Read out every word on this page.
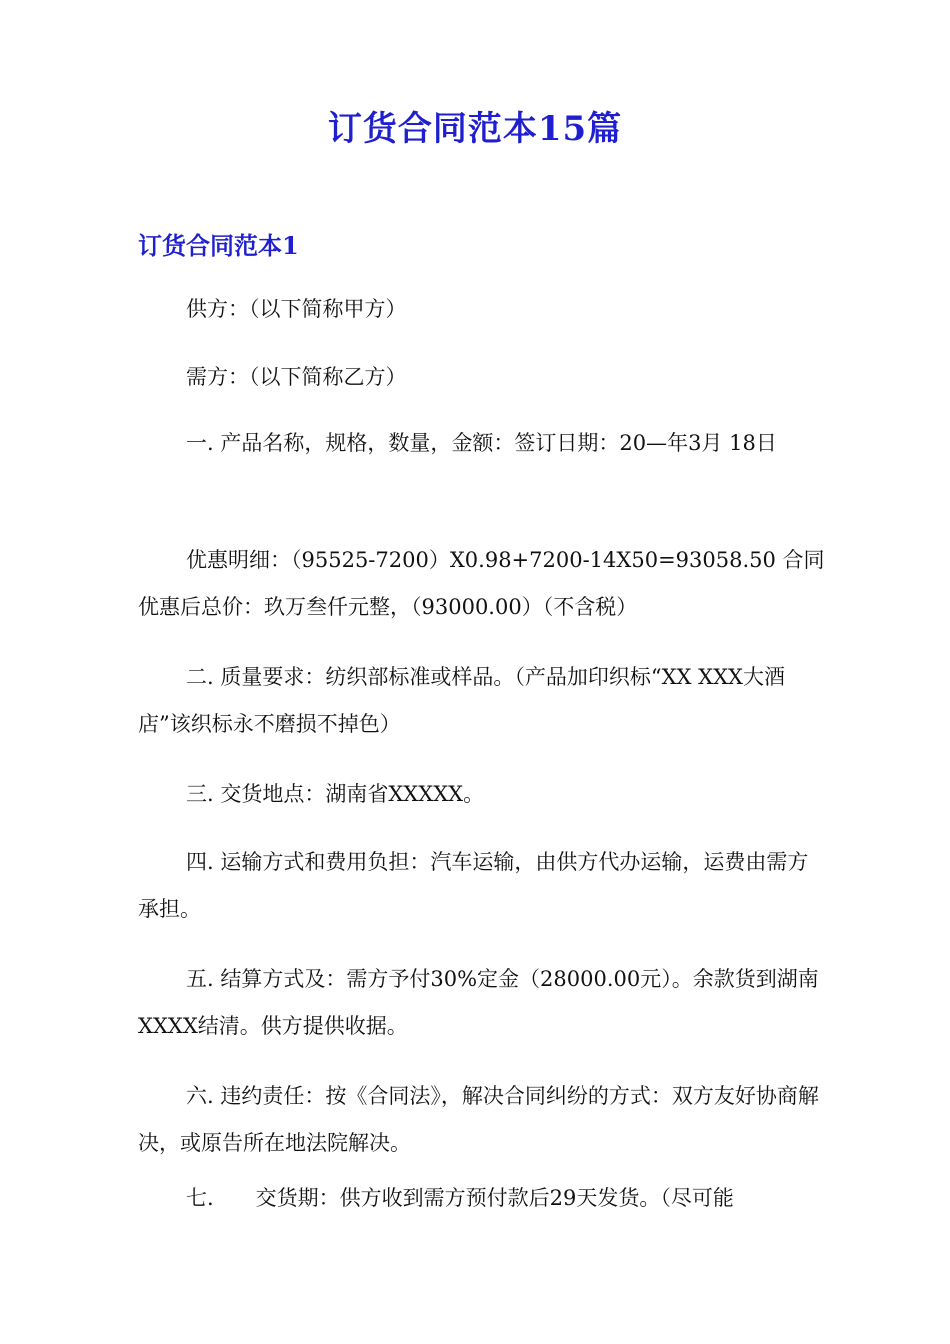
订货合同范本15篇
订货合同范本1

供方：（以下简称甲方）

需方：（以下简称乙方）

一. 产品名称，规格，数量，金额：签订日期：20—年3月 18日

优惠明细：（95525-7200）X0.98+7200-14X50=93058.50 合同优惠后总价：玖万叁仟元整，（93000.00）（不含税）

二. 质量要求：纺织部标准或样品。（产品加印织标“XX XXX大酒店”该织标永不磨损不掉色）

三. 交货地点：湖南省XXXXX。

四. 运输方式和费用负担：汽车运输，由供方代办运输，运费由需方承担。

五. 结算方式及：需方予付30%定金（28000.00元）。余款货到湖南XXXX结清。供方提供收据。

六. 违约责任：按《合同法》，解决合同纠纷的方式：双方友好协商解决，或原告所在地法院解决。

七.　　交货期：供方收到需方预付款后29天发货。（尽可能
